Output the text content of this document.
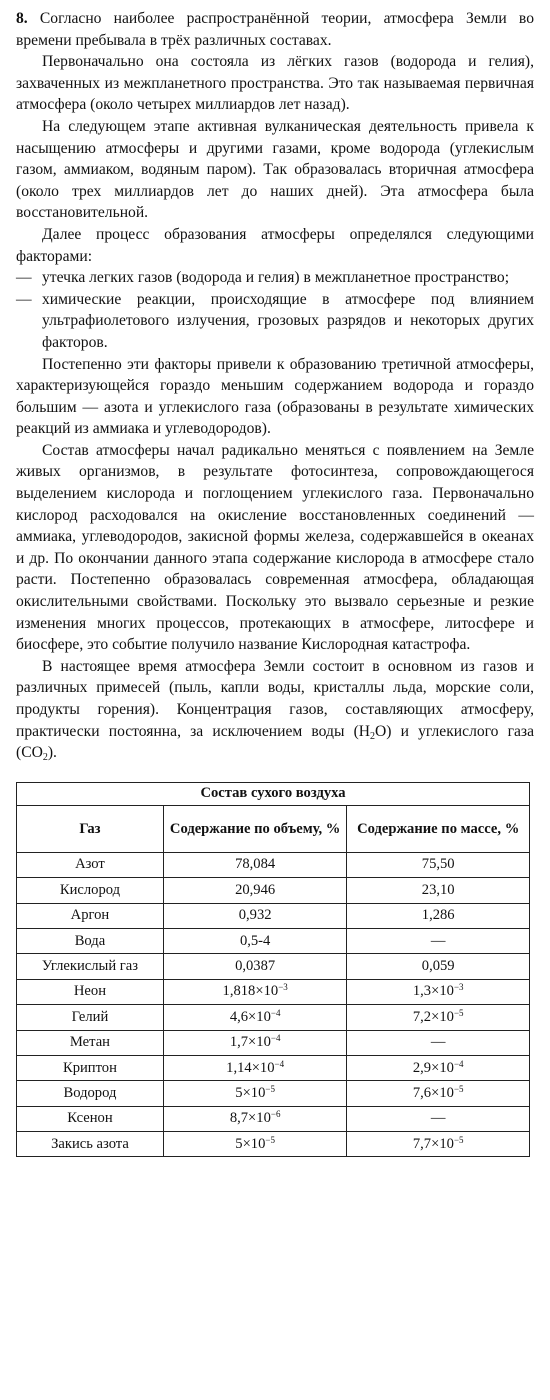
8. Согласно наиболее распространённой теории, атмосфера Земли во времени пребывала в трёх различных составах.

Первоначально она состояла из лёгких газов (водорода и гелия), захваченных из межпланетного пространства. Это так называемая первичная атмосфера (около четырех миллиардов лет назад).

На следующем этапе активная вулканическая деятельность привела к насыщению атмосферы и другими газами, кроме водорода (углекислым газом, аммиаком, водяным паром). Так образовалась вторичная атмосфера (около трех миллиардов лет до наших дней). Эта атмосфера была восстановительной.

Далее процесс образования атмосферы определялся следующими факторами:

— утечка легких газов (водорода и гелия) в межпланетное пространство;
— химические реакции, происходящие в атмосфере под влиянием ультрафиолетового излучения, грозовых разрядов и некоторых других факторов.

Постепенно эти факторы привели к образованию третичной атмосферы, характеризующейся гораздо меньшим содержанием водорода и гораздо большим — азота и углекислого газа (образованы в результате химических реакций из аммиака и углеводородов).

Состав атмосферы начал радикально меняться с появлением на Земле живых организмов, в результате фотосинтеза, сопровождающегося выделением кислорода и поглощением углекислого газа. Первоначально кислород расходовался на окисление восстановленных соединений — аммиака, углеводородов, закисной формы железа, содержавшейся в океанах и др. По окончании данного этапа содержание кислорода в атмосфере стало расти. Постепенно образовалась современная атмосфера, обладающая окислительными свойствами. Поскольку это вызвало серьезные и резкие изменения многих процессов, протекающих в атмосфере, литосфере и биосфере, это событие получило название Кислородная катастрофа.

В настоящее время атмосфера Земли состоит в основном из газов и различных примесей (пыль, капли воды, кристаллы льда, морские соли, продукты горения). Концентрация газов, составляющих атмосферу, практически постоянна, за исключением воды $(H_2O)$ и углекислого газа $(CO_2)$.

Состав сухого воздуха		
Газ	Содержание по объему, %	Содержание по массе, %
Азот	78,084	75,50
Кислород	20,946	23,10
Аргон	0,932	1,286
Вода	0,5-4	—
Углекислый газ	0,0387	0,059
Неон	$1,818\times 10^{-3}$	$1,3\times 10^{-3}$
Гелий	$4,6\times 10^{-4}$	$7,2\times 10^{-5}$
Метан	$1,7\times 10^{-4}$	—
Криптон	$1,14\times 10^{-4}$	$2,9\times 10^{-4}$
Водород	$5\times 10^{-5}$	$7,6\times 10^{-5}$
Ксенон	$8,7\times 10^{-6}$	—
Закись азота	$5\times 10^{-5}$	$7,7\times 10^{-5}$
